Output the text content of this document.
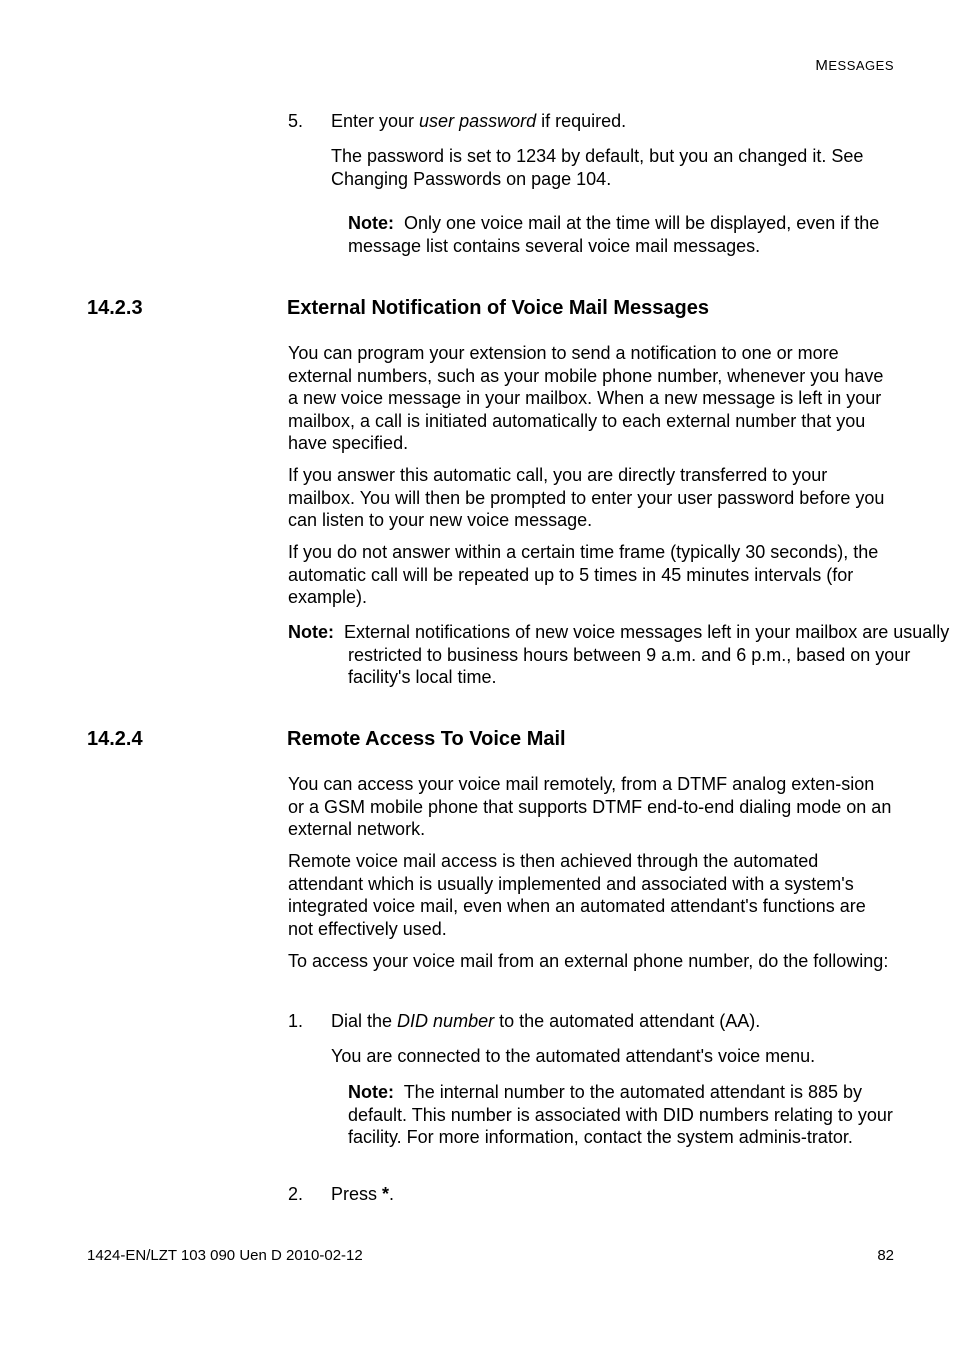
MESSAGES
5. Enter your user password if required.
The password is set to 1234 by default, but you an changed it. See Changing Passwords on page 104.
Note: Only one voice mail at the time will be displayed, even if the message list contains several voice mail messages.
14.2.3	External Notification of Voice Mail Messages
You can program your extension to send a notification to one or more external numbers, such as your mobile phone number, whenever you have a new voice message in your mailbox. When a new message is left in your mailbox, a call is initiated automatically to each external number that you have specified.
If you answer this automatic call, you are directly transferred to your mailbox. You will then be prompted to enter your user password before you can listen to your new voice message.
If you do not answer within a certain time frame (typically 30 seconds), the automatic call will be repeated up to 5 times in 45 minutes intervals (for example).
Note: External notifications of new voice messages left in your mailbox are usually restricted to business hours between 9 a.m. and 6 p.m., based on your facility's local time.
14.2.4	Remote Access To Voice Mail
You can access your voice mail remotely, from a DTMF analog exten-sion or a GSM mobile phone that supports DTMF end-to-end dialing mode on an external network.
Remote voice mail access is then achieved through the automated attendant which is usually implemented and associated with a system's integrated voice mail, even when an automated attendant's functions are not effectively used.
To access your voice mail from an external phone number, do the following:
1. Dial the DID number to the automated attendant (AA).
You are connected to the automated attendant's voice menu.
Note: The internal number to the automated attendant is 885 by default. This number is associated with DID numbers relating to your facility. For more information, contact the system adminis-trator.
2. Press *.
1424-EN/LZT 103 090 Uen D 2010-02-12	82
